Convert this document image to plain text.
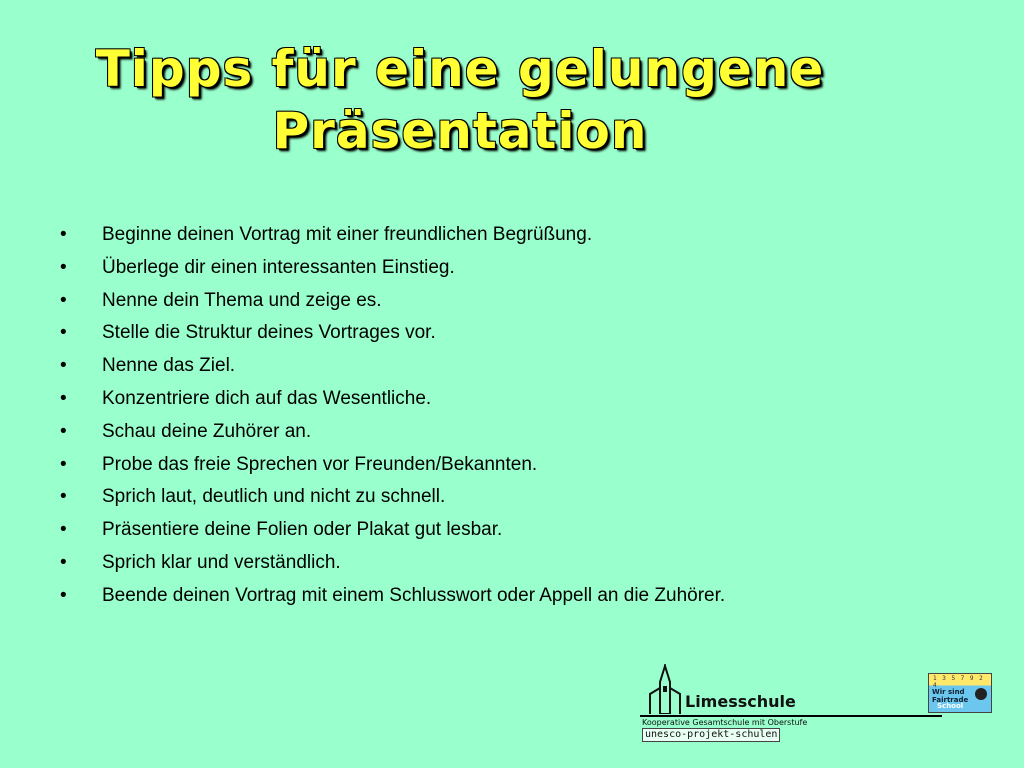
Tipps für eine gelungene
Präsentation
• Beginne deinen Vortrag mit einer freundlichen Begrüßung.
• Überlege dir einen interessanten Einstieg.
• Nenne dein Thema und zeige es.
• Stelle die Struktur deines Vortrages vor.
• Nenne das Ziel.
• Konzentriere dich auf das Wesentliche.
• Schau deine Zuhörer an.
• Probe das freie Sprechen vor Freunden/Bekannten.
• Sprich laut, deutlich und nicht zu schnell.
• Präsentiere deine Folien oder Plakat gut lesbar.
• Sprich klar und verständlich.
• Beende deinen Vortrag mit einem Schlusswort oder Appell an die Zuhörer.
Limesschule
Kooperative Gesamtschule mit Oberstufe
unesco-projekt-schulen
1 3 5 7 9 2 4
Wir sind
Fairtrade
School
